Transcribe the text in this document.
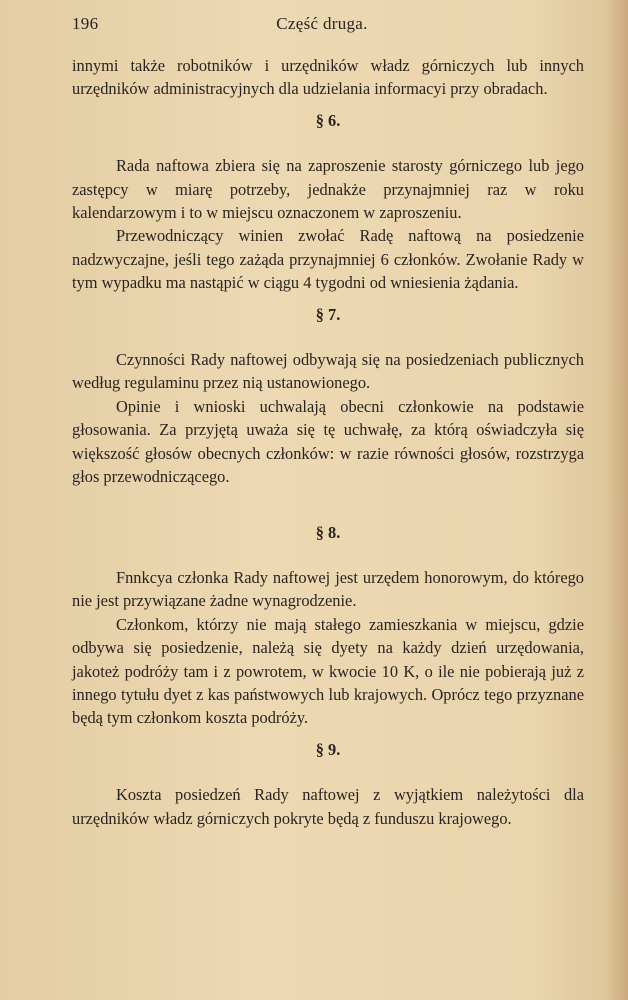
196	Część druga.

innymi także robotników i urzędników władz górniczych lub innych urzędników administracyjnych dla udzielania informacyi przy obradach.

§ 6.

Rada naftowa zbiera się na zaproszenie starosty górniczego lub jego zastępcy w miarę potrzeby, jednakże przynajmniej raz w roku kalendarzowym i to w miejscu oznaczonem w zaproszeniu.

Przewodniczący winien zwołać Radę naftową na posiedzenie nadzwyczajne, jeśli tego zażąda przynajmniej 6 członków. Zwołanie Rady w tym wypadku ma nastąpić w ciągu 4 tygodni od wniesienia żądania.

§ 7.

Czynności Rady naftowej odbywają się na posiedzeniach publicznych według regulaminu przez nią ustanowionego.

Opinie i wnioski uchwalają obecni członkowie na podstawie głosowania. Za przyjętą uważa się tę uchwałę, za którą oświadczyła się większość głosów obecnych członków: w razie równości głosów, rozstrzyga głos przewodniczącego.

§ 8.

Fnnkcya członka Rady naftowej jest urzędem honorowym, do którego nie jest przywiązane żadne wynagrodzenie.

Członkom, którzy nie mają stałego zamieszkania w miejscu, gdzie odbywa się posiedzenie, należą się dyety na każdy dzień urzędowania, jakoteż podróży tam i z powrotem, w kwocie 10 K, o ile nie pobierają już z innego tytułu dyet z kas państwowych lub krajowych. Oprócz tego przyznane będą tym członkom koszta podróży.

§ 9.

Koszta posiedzeń Rady naftowej z wyjątkiem należytości dla urzędników władz górniczych pokryte będą z funduszu krajowego.
